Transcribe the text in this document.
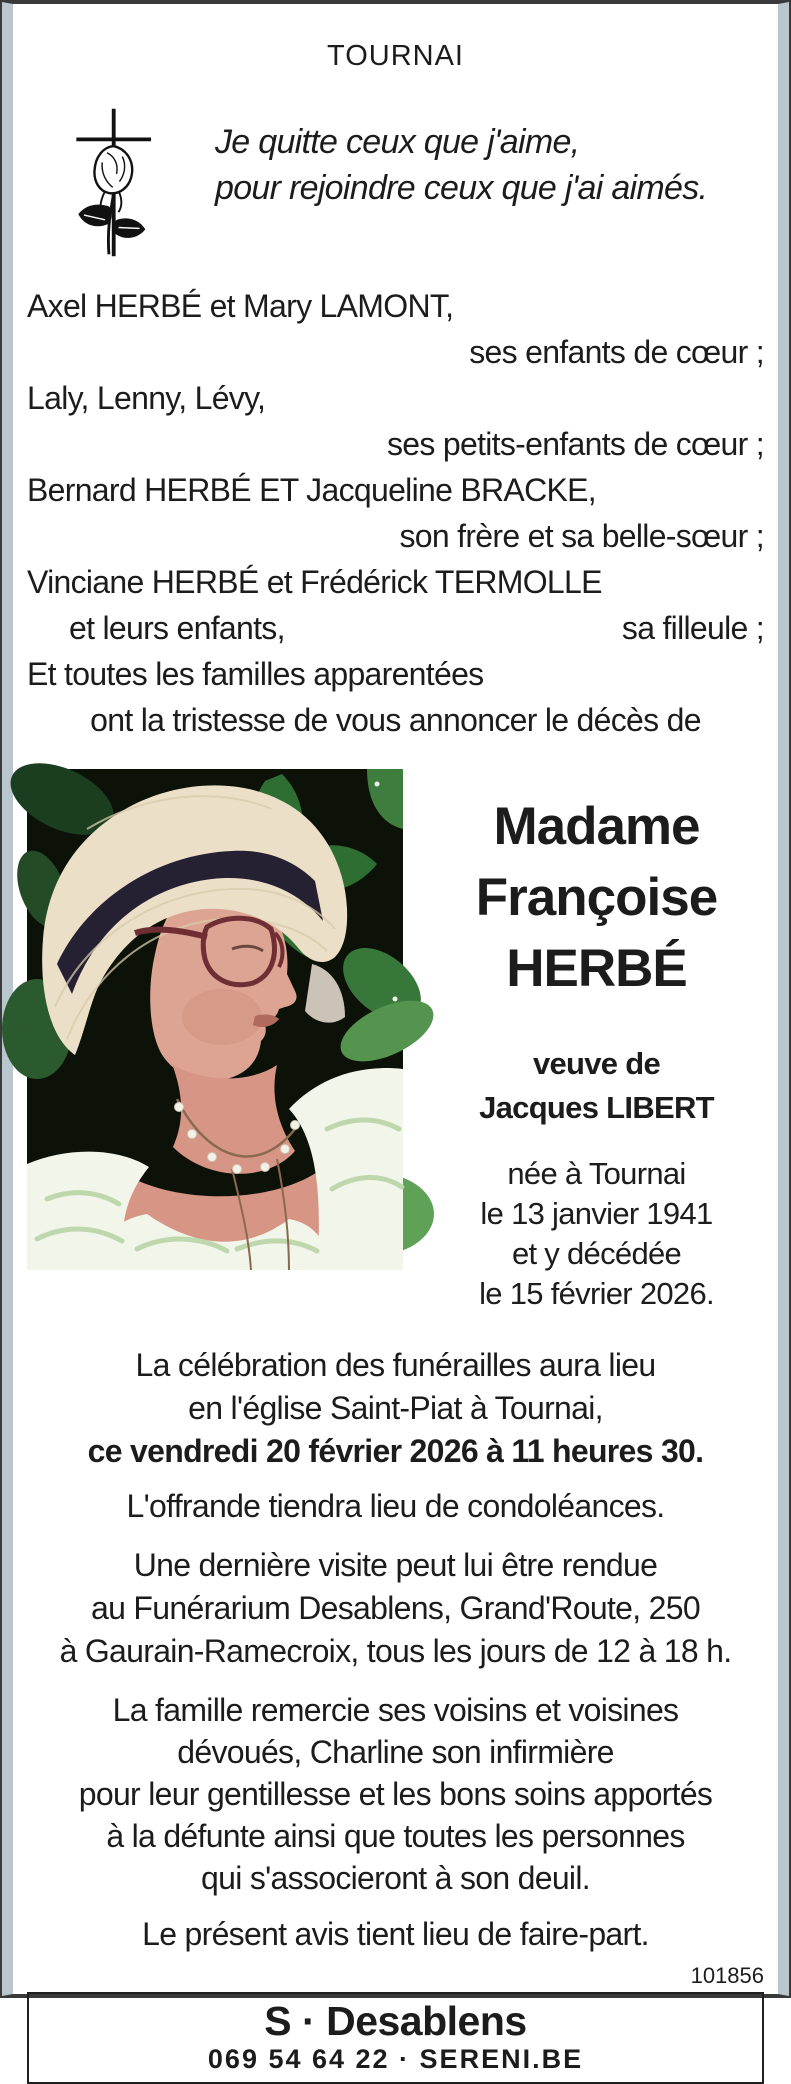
TOURNAI
Je quitte ceux que j'aime,
pour rejoindre ceux que j'ai aimés.
Axel HERBÉ et Mary LAMONT,
ses enfants de cœur ;
Laly, Lenny, Lévy,
ses petits-enfants de cœur ;
Bernard HERBÉ ET Jacqueline BRACKE,
son frère et sa belle-sœur ;
Vinciane HERBÉ et Frédérick TERMOLLE
et leurs enfants,	sa filleule ;
Et toutes les familles apparentées
ont la tristesse de vous annoncer le décès de
Madame
Françoise
HERBÉ
veuve de
Jacques LIBERT
née à Tournai
le 13 janvier 1941
et y décédée
le 15 février 2026.
La célébration des funérailles aura lieu
en l'église Saint-Piat à Tournai,
ce vendredi 20 février 2026 à 11 heures 30.
L'offrande tiendra lieu de condoléances.
Une dernière visite peut lui être rendue
au Funérarium Desablens, Grand'Route, 250
à Gaurain-Ramecroix, tous les jours de 12 à 18 h.
La famille remercie ses voisins et voisines
dévoués, Charline son infirmière
pour leur gentillesse et les bons soins apportés
à la défunte ainsi que toutes les personnes
qui s'associeront à son deuil.
Le présent avis tient lieu de faire-part.
101856
S · Desablens
069 54 64 22 · SERENI.BE
